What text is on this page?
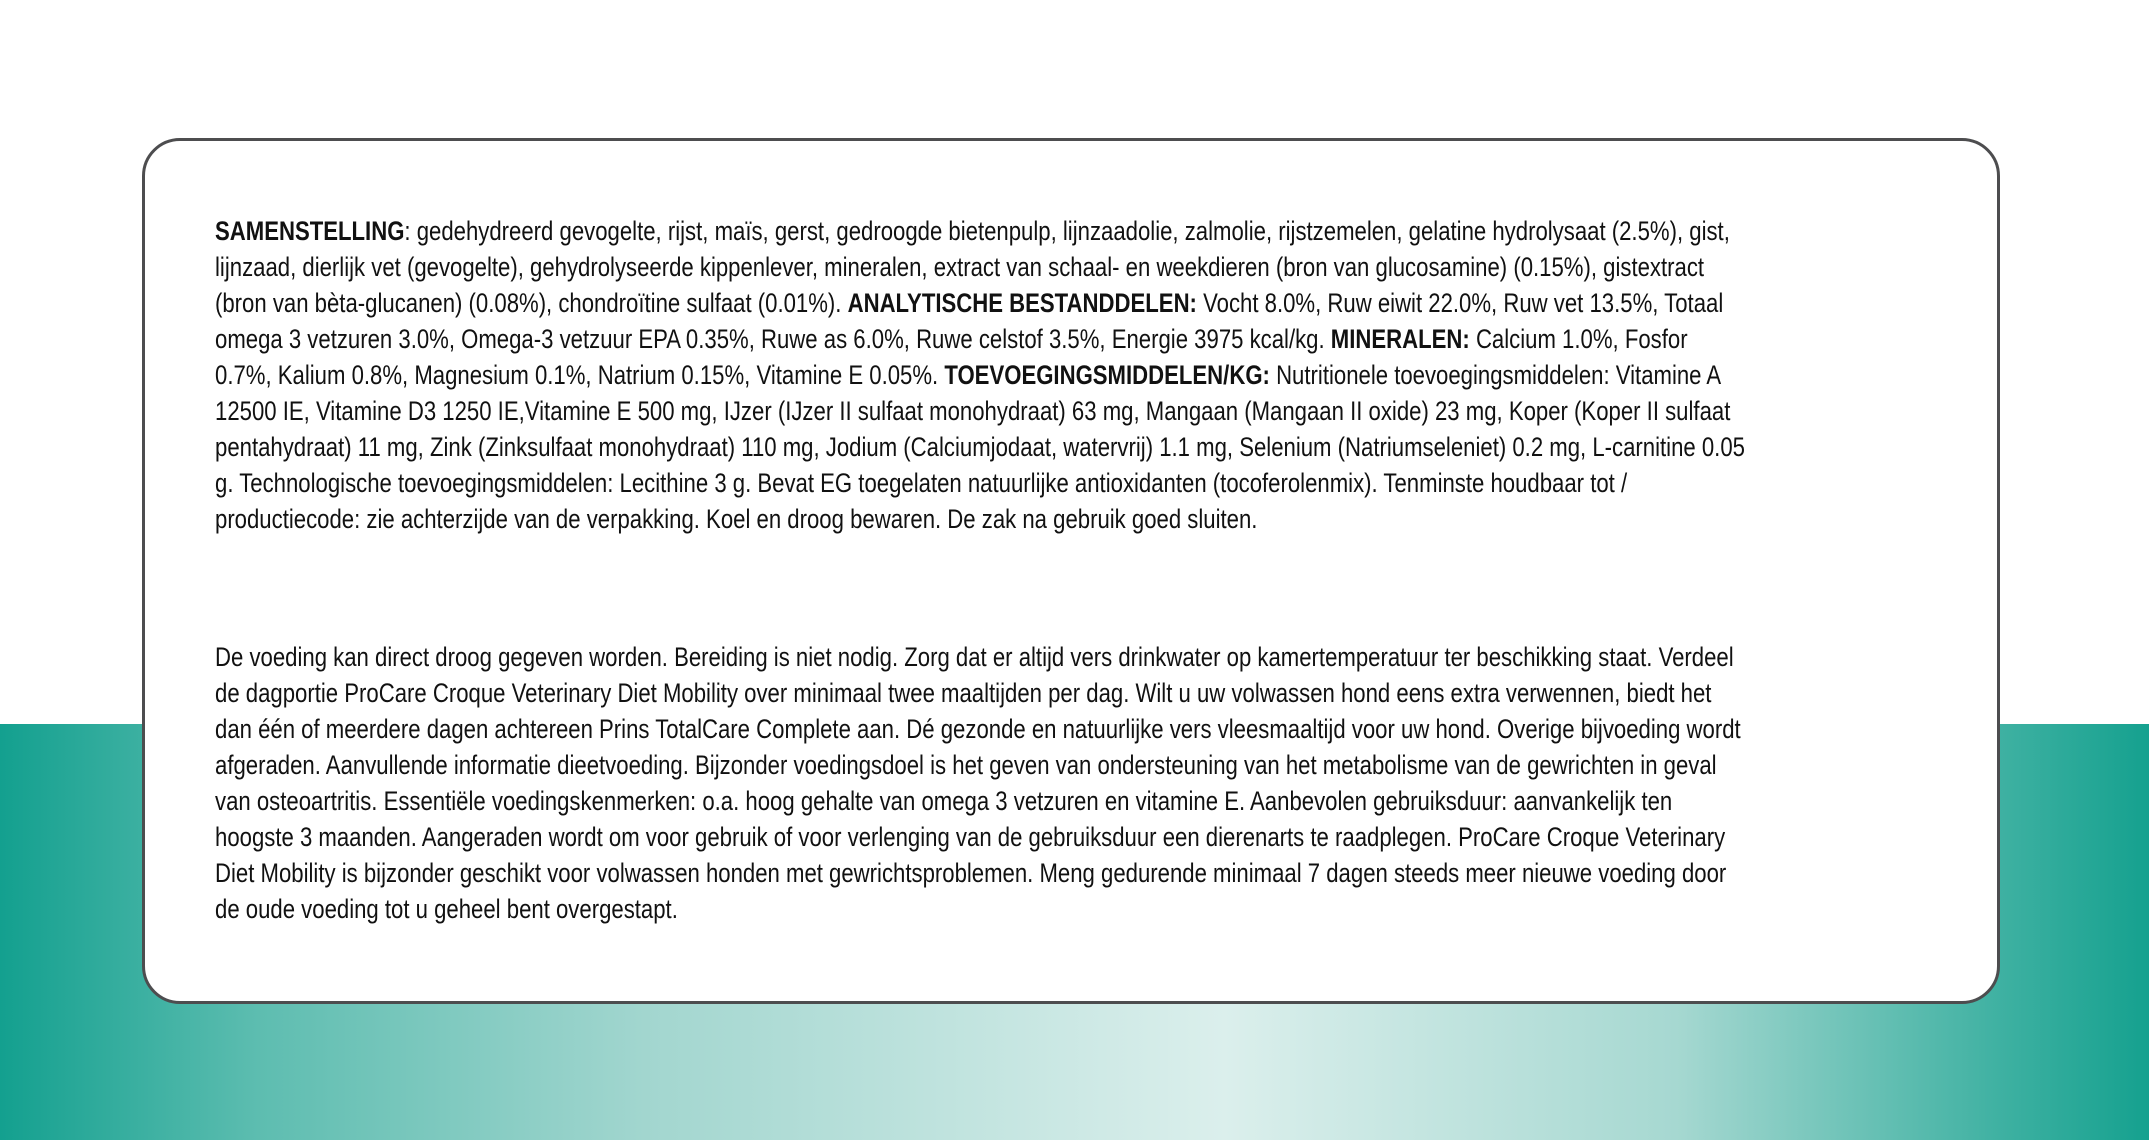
SAMENSTELLING: gedehydreerd gevogelte, rijst, maïs, gerst, gedroogde bietenpulp, lijnzaadolie, zalmolie, rijstzemelen, gelatine hydrolysaat (2.5%), gist, lijnzaad, dierlijk vet (gevogelte), gehydrolyseerde kippenlever, mineralen, extract van schaal- en weekdieren (bron van glucosamine) (0.15%), gistextract (bron van bèta-glucanen) (0.08%), chondroïtine sulfaat (0.01%). ANALYTISCHE BESTANDDELEN: Vocht 8.0%, Ruw eiwit 22.0%, Ruw vet 13.5%, Totaal omega 3 vetzuren 3.0%, Omega-3 vetzuur EPA 0.35%, Ruwe as 6.0%, Ruwe celstof 3.5%, Energie 3975 kcal/kg. MINERALEN: Calcium 1.0%, Fosfor 0.7%, Kalium 0.8%, Magnesium 0.1%, Natrium 0.15%, Vitamine E 0.05%. TOEVOEGINGSMIDDELEN/KG: Nutritionele toevoegingsmiddelen: Vitamine A 12500 IE, Vitamine D3 1250 IE,Vitamine E 500 mg, IJzer (IJzer II sulfaat monohydraat) 63 mg, Mangaan (Mangaan II oxide) 23 mg, Koper (Koper II sulfaat pentahydraat) 11 mg, Zink (Zinksulfaat monohydraat) 110 mg, Jodium (Calciumjodaat, watervrij) 1.1 mg, Selenium (Natriumseleniet) 0.2 mg, L-carnitine 0.05 g. Technologische toevoegingsmiddelen: Lecithine 3 g. Bevat EG toegelaten natuurlijke antioxidanten (tocoferolenmix). Tenminste houdbaar tot / productiecode: zie achterzijde van de verpakking. Koel en droog bewaren. De zak na gebruik goed sluiten.

De voeding kan direct droog gegeven worden. Bereiding is niet nodig. Zorg dat er altijd vers drinkwater op kamertemperatuur ter beschikking staat. Verdeel de dagportie ProCare Croque Veterinary Diet Mobility over minimaal twee maaltijden per dag. Wilt u uw volwassen hond eens extra verwennen, biedt het dan één of meerdere dagen achtereen Prins TotalCare Complete aan. Dé gezonde en natuurlijke vers vleesmaaltijd voor uw hond. Overige bijvoeding wordt afgeraden. Aanvullende informatie dieetvoeding. Bijzonder voedingsdoel is het geven van ondersteuning van het metabolisme van de gewrichten in geval van osteoartritis. Essentiële voedingskenmerken: o.a. hoog gehalte van omega 3 vetzuren en vitamine E. Aanbevolen gebruiksduur: aanvankelijk ten hoogste 3 maanden. Aangeraden wordt om voor gebruik of voor verlenging van de gebruiksduur een dierenarts te raadplegen. ProCare Croque Veterinary Diet Mobility is bijzonder geschikt voor volwassen honden met gewrichtsproblemen. Meng gedurende minimaal 7 dagen steeds meer nieuwe voeding door de oude voeding tot u geheel bent overgestapt.
